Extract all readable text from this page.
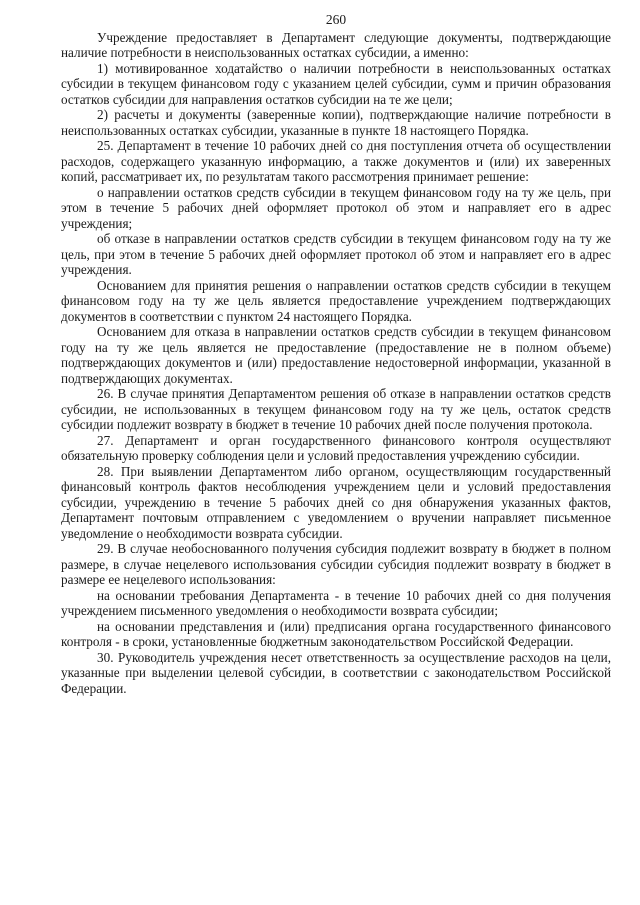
260

Учреждение предоставляет в Департамент следующие документы, подтверждающие наличие потребности в неиспользованных остатках субсидии, а именно:

1) мотивированное ходатайство о наличии потребности в неиспользованных остатках субсидии в текущем финансовом году с указанием целей субсидии, сумм и причин образования остатков субсидии для направления остатков субсидии на те же цели;

2) расчеты и документы (заверенные копии), подтверждающие наличие потребности в неиспользованных остатках субсидии, указанные в пункте 18 настоящего Порядка.

25. Департамент в течение 10 рабочих дней со дня поступления отчета об осуществлении расходов, содержащего указанную информацию, а также документов и (или) их заверенных копий, рассматривает их, по результатам такого рассмотрения принимает решение:

о направлении остатков средств субсидии в текущем финансовом году на ту же цель, при этом в течение 5 рабочих дней оформляет протокол об этом и направляет его в адрес учреждения;

об отказе в направлении остатков средств субсидии в текущем финансовом году на ту же цель, при этом в течение 5 рабочих дней оформляет протокол об этом и направляет его в адрес учреждения.

Основанием для принятия решения о направлении остатков средств субсидии в текущем финансовом году на ту же цель является предоставление учреждением подтверждающих документов в соответствии с пунктом 24 настоящего Порядка.

Основанием для отказа в направлении остатков средств субсидии в текущем финансовом году на ту же цель является не предоставление (предоставление не в полном объеме) подтверждающих документов и (или) предоставление недостоверной информации, указанной в подтверждающих документах.

26. В случае принятия Департаментом решения об отказе в направлении остатков средств субсидии, не использованных в текущем финансовом году на ту же цель, остаток средств субсидии подлежит возврату в бюджет в течение 10 рабочих дней после получения протокола.

27. Департамент и орган государственного финансового контроля осуществляют обязательную проверку соблюдения цели и условий предоставления учреждению субсидии.

28. При выявлении Департаментом либо органом, осуществляющим государственный финансовый контроль фактов несоблюдения учреждением цели и условий предоставления субсидии, учреждению в течение 5 рабочих дней со дня обнаружения указанных фактов, Департамент почтовым отправлением с уведомлением о вручении направляет письменное уведомление о необходимости возврата субсидии.

29. В случае необоснованного получения субсидия подлежит возврату в бюджет в полном размере, в случае нецелевого использования субсидии субсидия подлежит возврату в бюджет в размере ее нецелевого использования:

на основании требования Департамента - в течение 10 рабочих дней со дня получения учреждением письменного уведомления о необходимости возврата субсидии;

на основании представления и (или) предписания органа государственного финансового контроля - в сроки, установленные бюджетным законодательством Российской Федерации.

30. Руководитель учреждения несет ответственность за осуществление расходов на цели, указанные при выделении целевой субсидии, в соответствии с законодательством Российской Федерации.
